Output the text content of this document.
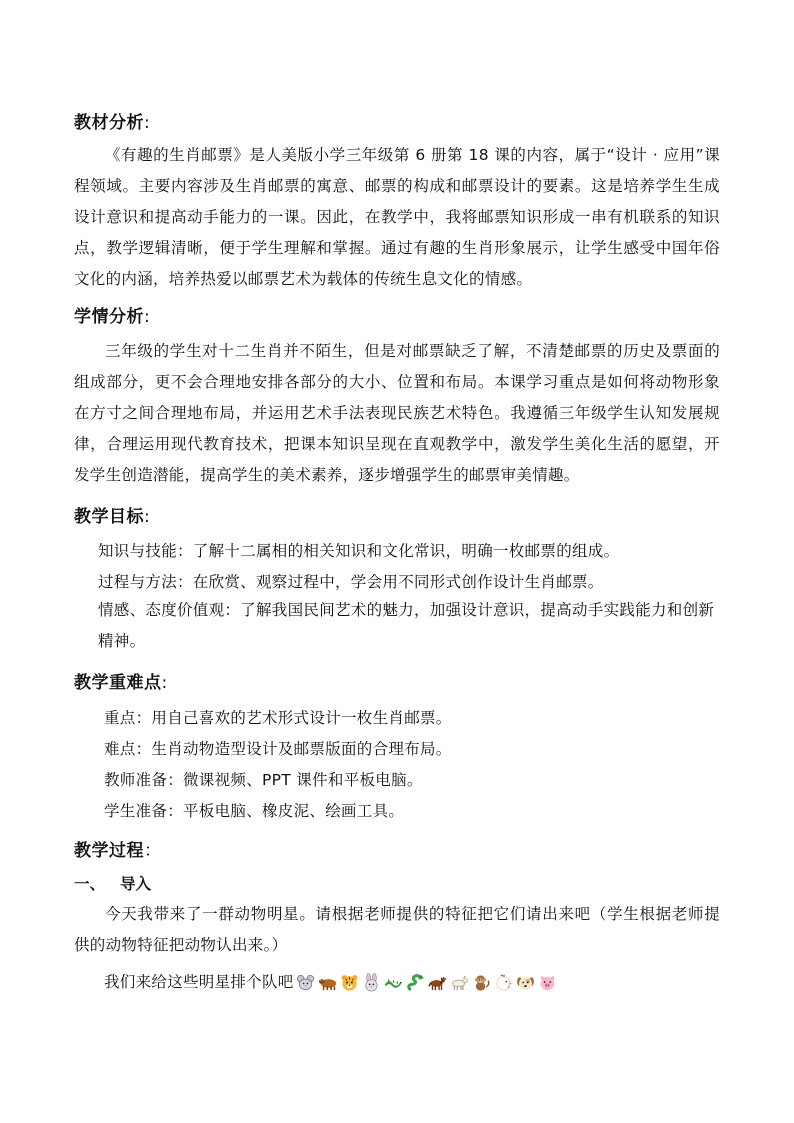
教材分析:

《有趣的生肖邮票》是人美版小学三年级第 6 册第 18 课的内容，属于“设计 · 应用”课程领域。主要内容涉及生肖邮票的寓意、邮票的构成和邮票设计的要素。这是培养学生生成设计意识和提高动手能力的一课。因此，在教学中，我将邮票知识形成一串有机联系的知识点，教学逻辑清晰，便于学生理解和掌握。通过有趣的生肖形象展示，让学生感受中国年俗文化的内涵，培养热爱以邮票艺术为载体的传统生息文化的情感。

学情分析:

三年级的学生对十二生肖并不陌生，但是对邮票缺乏了解，不清楚邮票的历史及票面的组成部分，更不会合理地安排各部分的大小、位置和布局。本课学习重点是如何将动物形象在方寸之间合理地布局，并运用艺术手法表现民族艺术特色。我遵循三年级学生认知发展规律，合理运用现代教育技术，把课本知识呈现在直观教学中，激发学生美化生活的愿望，开发学生创造潜能，提高学生的美术素养，逐步增强学生的邮票审美情趣。

教学目标:
知识与技能：了解十二属相的相关知识和文化常识，明确一枚邮票的组成。
过程与方法：在欣赏、观察过程中，学会用不同形式创作设计生肖邮票。

情感、态度价值观：了解我国民间艺术的魅力，加强设计意识，提高动手实践能力和创新精神。

教学重难点:
重点：用自己喜欢的艺术形式设计一枚生肖邮票。
难点：生肖动物造型设计及邮票版面的合理布局。
教师准备：微课视频、PPT 课件和平板电脑。
学生准备：平板电脑、橡皮泥、绘画工具。
教学过程：
一、 导入

今天我带来了一群动物明星。请根据老师提供的特征把它们请出来吧（学生根据老师提供的动物特征把动物认出来。）

我们来给这些明星排个队吧
